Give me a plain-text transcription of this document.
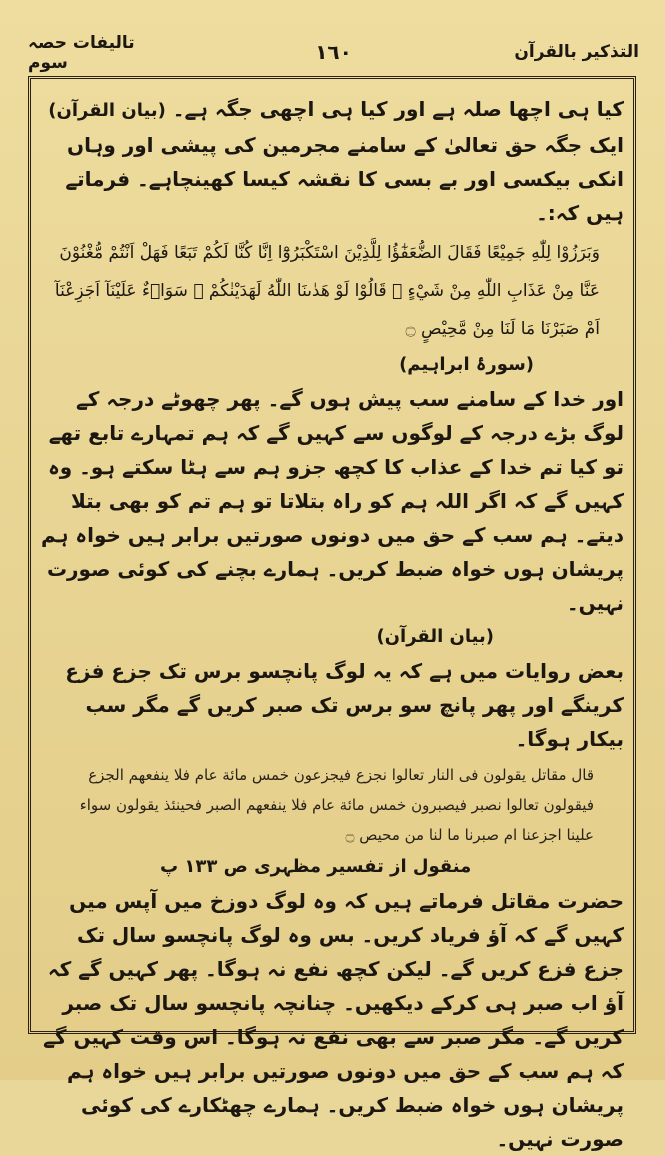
تالیفات حصہ سوم	١٦٠	التذکیر بالقرآن

کیا ہی اچھا صلہ ہے اور کیا ہی اچھی جگہ ہے۔ (بیان القرآن)

ایک جگہ حق تعالیٰ کے سامنے مجرمین کی پیشی اور وہاں انکی بیکسی اور بے بسی کا نقشہ کیسا کھینچاہے۔ فرماتے ہیں کہ:۔

وَبَرَزُوْا لِلّٰهِ جَمِيْعًا فَقَالَ الضُّعَفٰٓؤُا لِلَّذِيْنَ اسْتَكْبَرُوْٓا اِنَّا كُنَّا لَكُمْ تَبَعًا فَهَلْ اَنْتُمْ مُّغْنُوْنَ عَنَّا مِنْ عَذَابِ اللّٰهِ مِنْ شَيْءٍ ۭ قَالُوْا لَوْ هَدٰىنَا اللّٰهُ لَهَدَيْنٰكُمْ ۭ سَوَاۗءٌ عَلَيْنَآ اَجَزِعْنَآ اَمْ صَبَرْنَا مَا لَنَا مِنْ مَّحِيْصٍ ۝

(سورۂ ابراہیم)

اور خدا کے سامنے سب پیش ہوں گے۔ پھر چھوٹے درجہ کے لوگ بڑے درجہ کے لوگوں سے کہیں گے کہ ہم تمہارے تابع تھے تو کیا تم خدا کے عذاب کا کچھ جزو ہم سے ہٹا سکتے ہو۔ وہ کہیں گے کہ اگر اللہ ہم کو راہ بتلاتا تو ہم تم کو بھی بتلا دیتے۔ ہم سب کے حق میں دونوں صورتیں برابر ہیں خواہ ہم پریشان ہوں خواہ ضبط کریں۔ ہمارے بچنے کی کوئی صورت نہیں۔

(بیان القرآن)

بعض روایات میں ہے کہ یہ لوگ پانچسو برس تک جزع فزع کرینگے اور پھر پانچ سو برس تک صبر کریں گے مگر سب بیکار ہوگا۔

قال مقاتل یقولون فی النار تعالوا نجزع فیجزعون خمس مائة عام فلا ینفعهم الجزع فیقولون تعالوا نصبر فیصبرون خمس مائة عام فلا ینفعهم الصبر فحینئذ یقولون سواء علینا اجزعنا ام صبرنا ما لنا من محیص ۝

منقول از تفسیر مظہری ص ١٣٣ پ

حضرت مقاتل فرماتے ہیں کہ وہ لوگ دوزخ میں آپس میں کہیں گے کہ آؤ فریاد کریں۔ بس وہ لوگ پانچسو سال تک جزع فزع کریں گے۔ لیکن کچھ نفع نہ ہوگا۔ پھر کہیں گے کہ آؤ اب صبر ہی کرکے دیکھیں۔ چنانچہ پانچسو سال تک صبر کریں گے۔ مگر صبر سے بھی نفع نہ ہوگا۔ اس وقت کہیں گے کہ ہم سب کے حق میں دونوں صورتیں برابر ہیں خواہ ہم پریشان ہوں خواہ ضبط کریں۔ ہمارے چھٹکارے کی کوئی صورت نہیں۔
